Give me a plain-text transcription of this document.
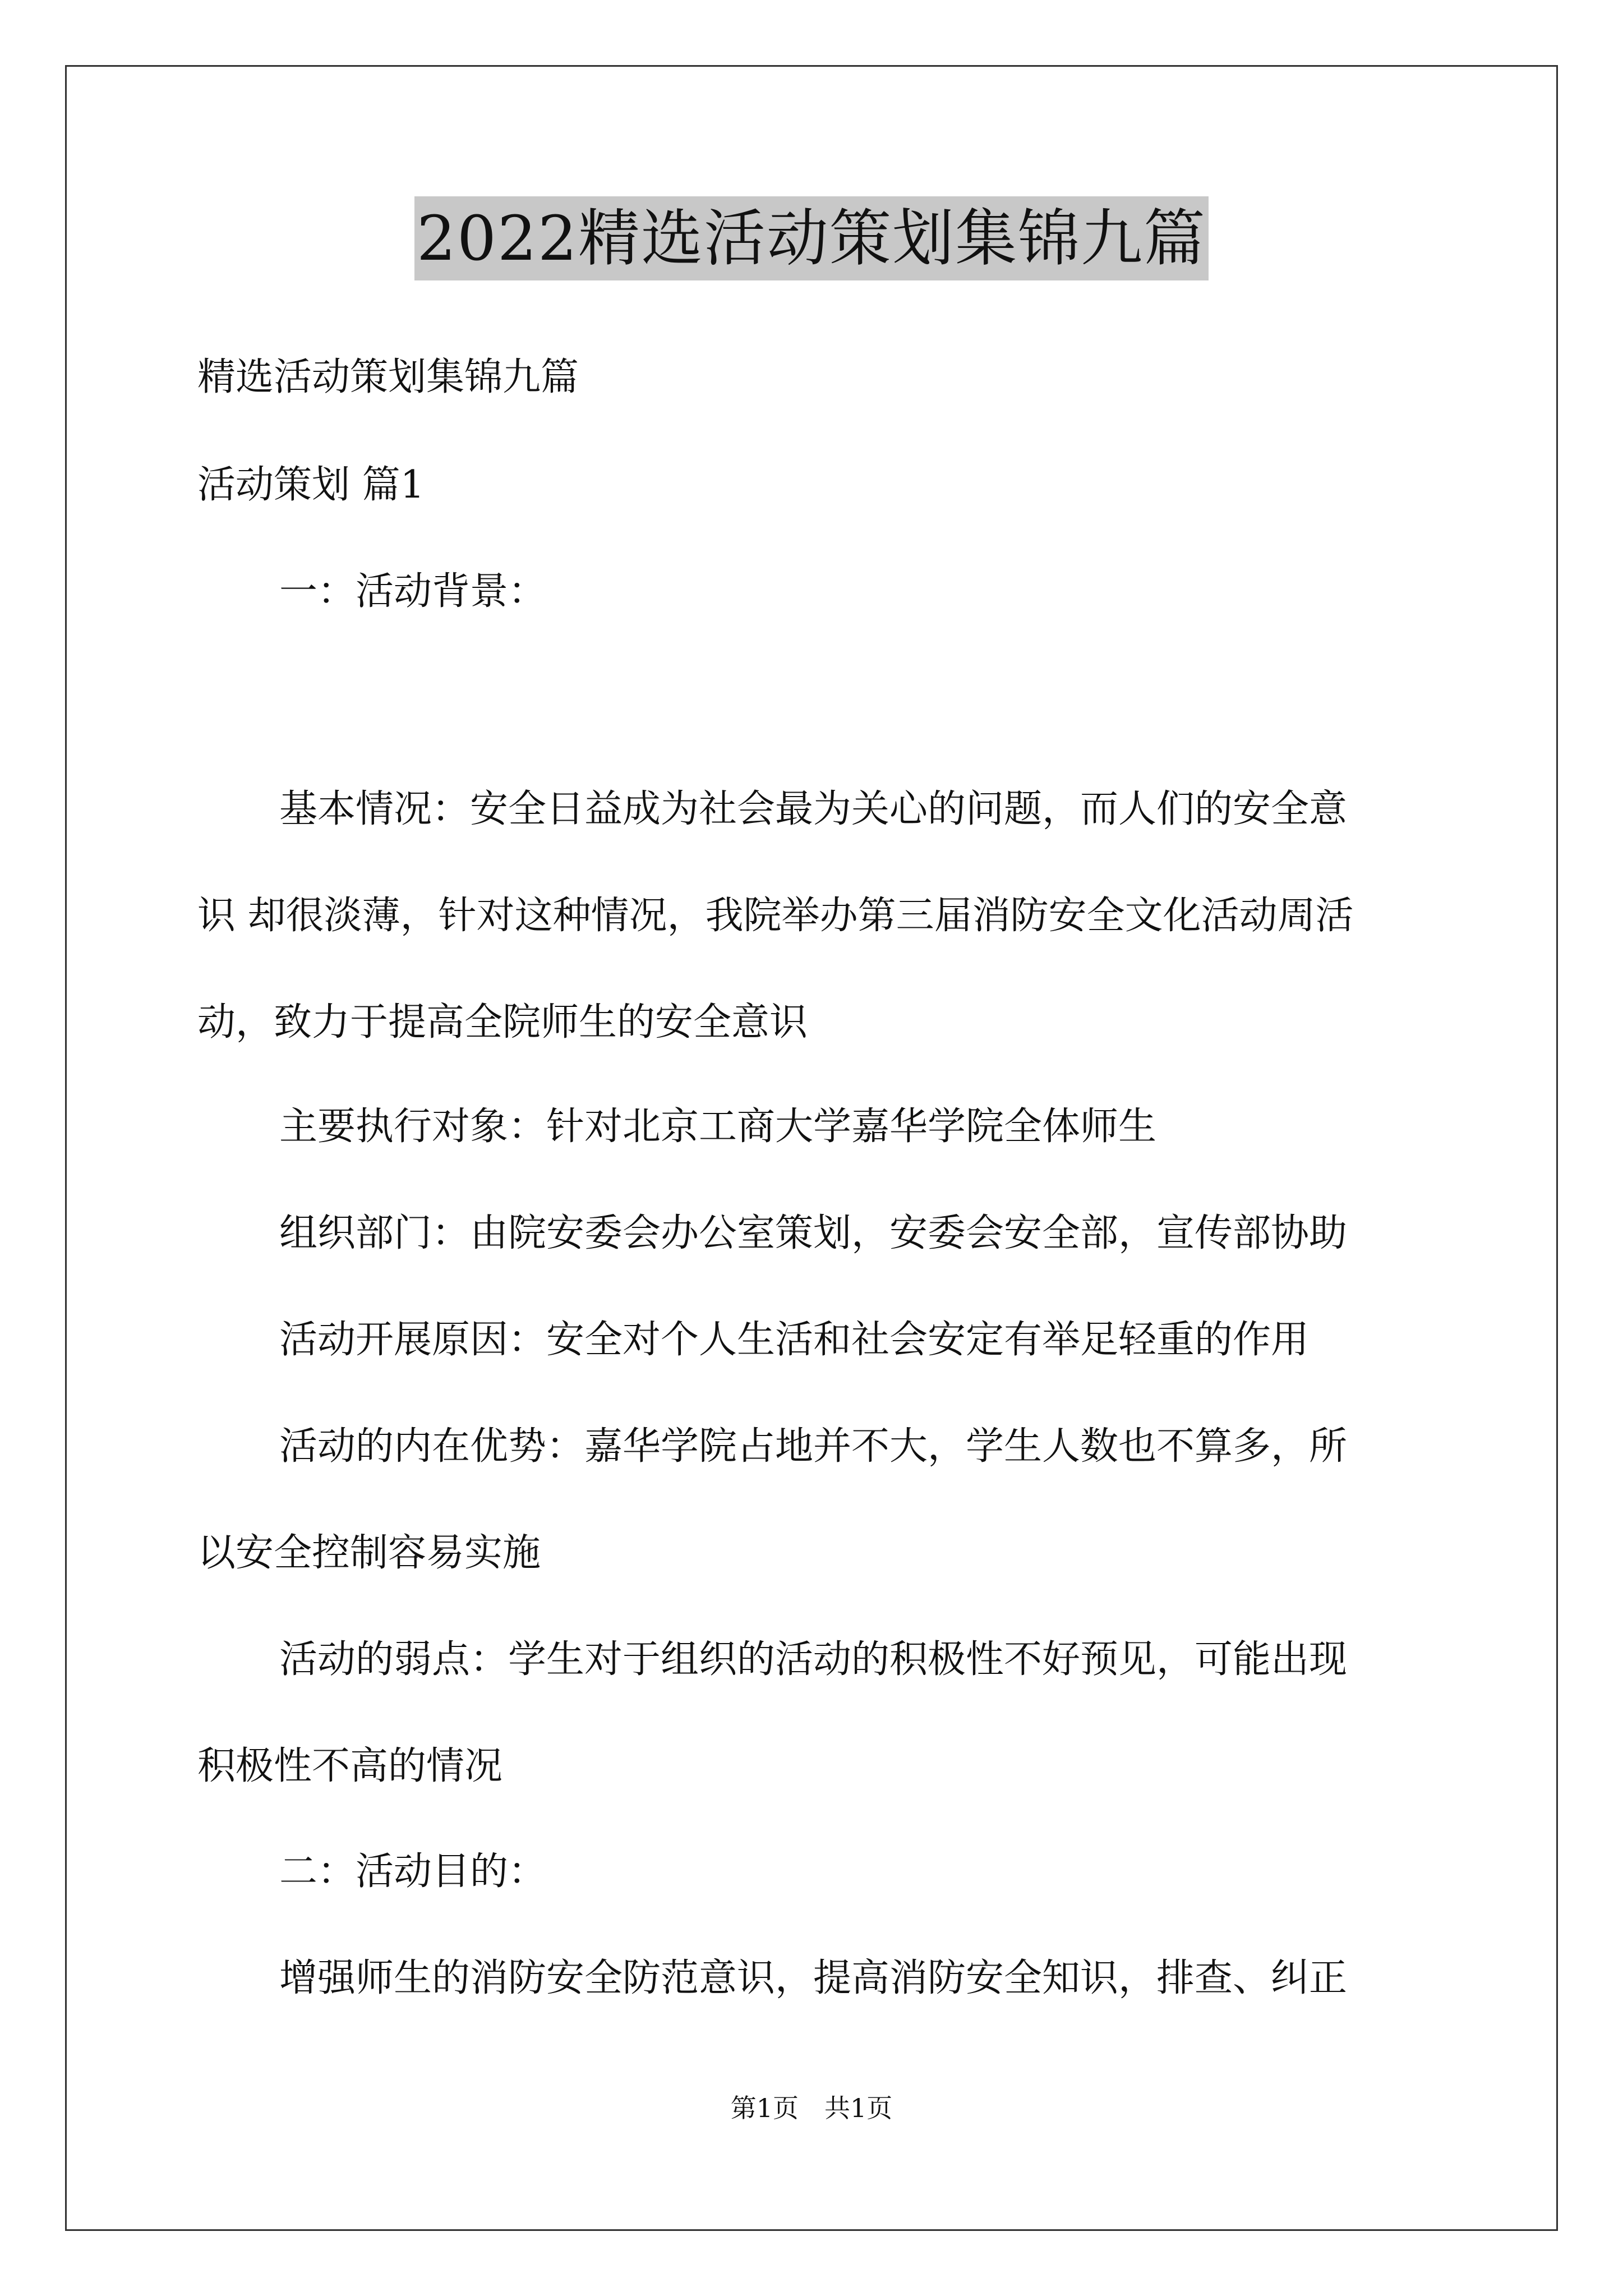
2022精选活动策划集锦九篇
精选活动策划集锦九篇
活动策划 篇1
一：活动背景：
基本情况：安全日益成为社会最为关心的问题，而人们的安全意
识 却很淡薄，针对这种情况，我院举办第三届消防安全文化活动周活
动，致力于提高全院师生的安全意识
主要执行对象：针对北京工商大学嘉华学院全体师生
组织部门：由院安委会办公室策划，安委会安全部，宣传部协助
活动开展原因：安全对个人生活和社会安定有举足轻重的作用
活动的内在优势：嘉华学院占地并不大，学生人数也不算多，所
以安全控制容易实施
活动的弱点：学生对于组织的活动的积极性不好预见，可能出现
积极性不高的情况
二：活动目的：
增强师生的消防安全防范意识，提高消防安全知识，排查、纠正
第1页　共1页
